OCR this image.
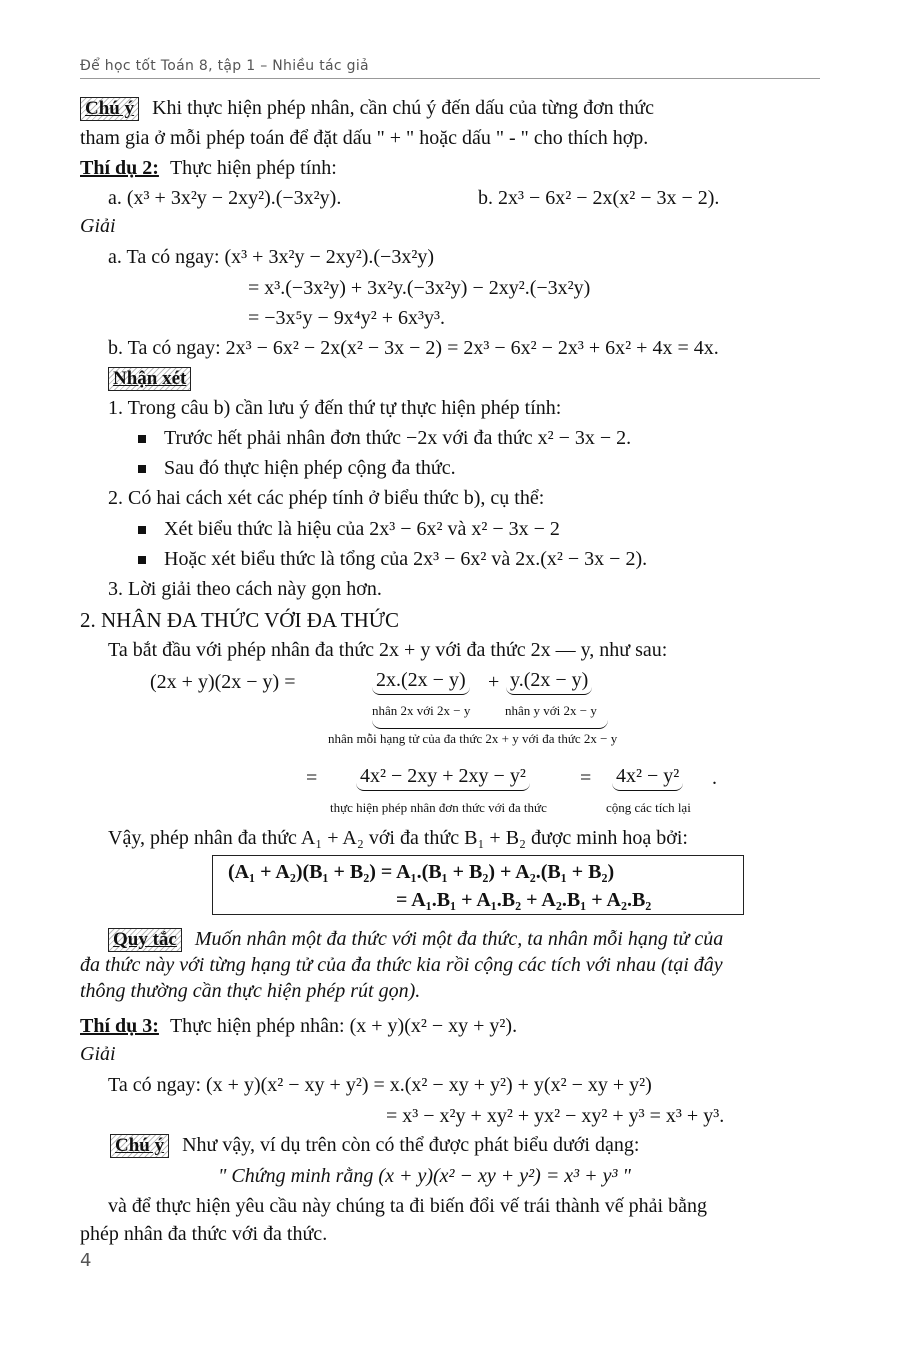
Để học tốt Toán 8, tập 1 – Nhiều tác giả
Chú ý Khi thực hiện phép nhân, cần chú ý đến dấu của từng đơn thức
tham gia ở mỗi phép toán để đặt dấu " + " hoặc dấu " - " cho thích hợp.
Thí dụ 2: Thực hiện phép tính:
a. (x³ + 3x²y − 2xy²).(−3x²y).	b. 2x³ − 6x² − 2x(x² − 3x − 2).
Giải
a. Ta có ngay: (x³ + 3x²y − 2xy²).(−3x²y)
= x³.(−3x²y) + 3x²y.(−3x²y) − 2xy².(−3x²y)
= −3x⁵y − 9x⁴y² + 6x³y³.
b. Ta có ngay: 2x³ − 6x² − 2x(x² − 3x − 2) = 2x³ − 6x² − 2x³ + 6x² + 4x = 4x.
Nhận xét
1. Trong câu b) cần lưu ý đến thứ tự thực hiện phép tính:
Trước hết phải nhân đơn thức −2x với đa thức x² − 3x − 2.
Sau đó thực hiện phép cộng đa thức.
2. Có hai cách xét các phép tính ở biểu thức b), cụ thể:
Xét biểu thức là hiệu của 2x³ − 6x² và x² − 3x − 2
Hoặc xét biểu thức là tổng của 2x³ − 6x² và 2x.(x² − 3x − 2).
3. Lời giải theo cách này gọn hơn.
2. NHÂN ĐA THỨC VỚI ĐA THỨC
Ta bắt đầu với phép nhân đa thức 2x + y với đa thức 2x — y, như sau:
(2x + y)(2x − y) =	2x.(2x − y) + y.(2x − y)
nhân 2x với 2x − y	nhân y với 2x − y
nhân mỗi hạng tử của đa thức 2x + y với đa thức 2x − y
= 4x² − 2xy + 2xy − y²	= 4x² − y² .
thực hiện phép nhân đơn thức với đa thức	cộng các tích lại
Vậy, phép nhân đa thức A₁ + A₂ với đa thức B₁ + B₂ được minh hoạ bởi:
(A₁ + A₂)(B₁ + B₂) = A₁.(B₁ + B₂) + A₂.(B₁ + B₂)
= A₁.B₁ + A₁.B₂ + A₂.B₁ + A₂.B₂
Quy tắc Muốn nhân một đa thức với một đa thức, ta nhân mỗi hạng tử của
đa thức này với từng hạng tử của đa thức kia rồi cộng các tích với nhau (tại đây
thông thường cần thực hiện phép rút gọn).
Thí dụ 3: Thực hiện phép nhân: (x + y)(x² − xy + y²).
Giải
Ta có ngay: (x + y)(x² − xy + y²) = x.(x² − xy + y²) + y(x² − xy + y²)
= x³ − x²y + xy² + yx² − xy² + y³ = x³ + y³.
Chú ý Như vậy, ví dụ trên còn có thể được phát biểu dưới dạng:
" Chứng minh rằng (x + y)(x² − xy + y²) = x³ + y³ "
và để thực hiện yêu cầu này chúng ta đi biến đổi vế trái thành vế phải bằng
phép nhân đa thức với đa thức.
4
